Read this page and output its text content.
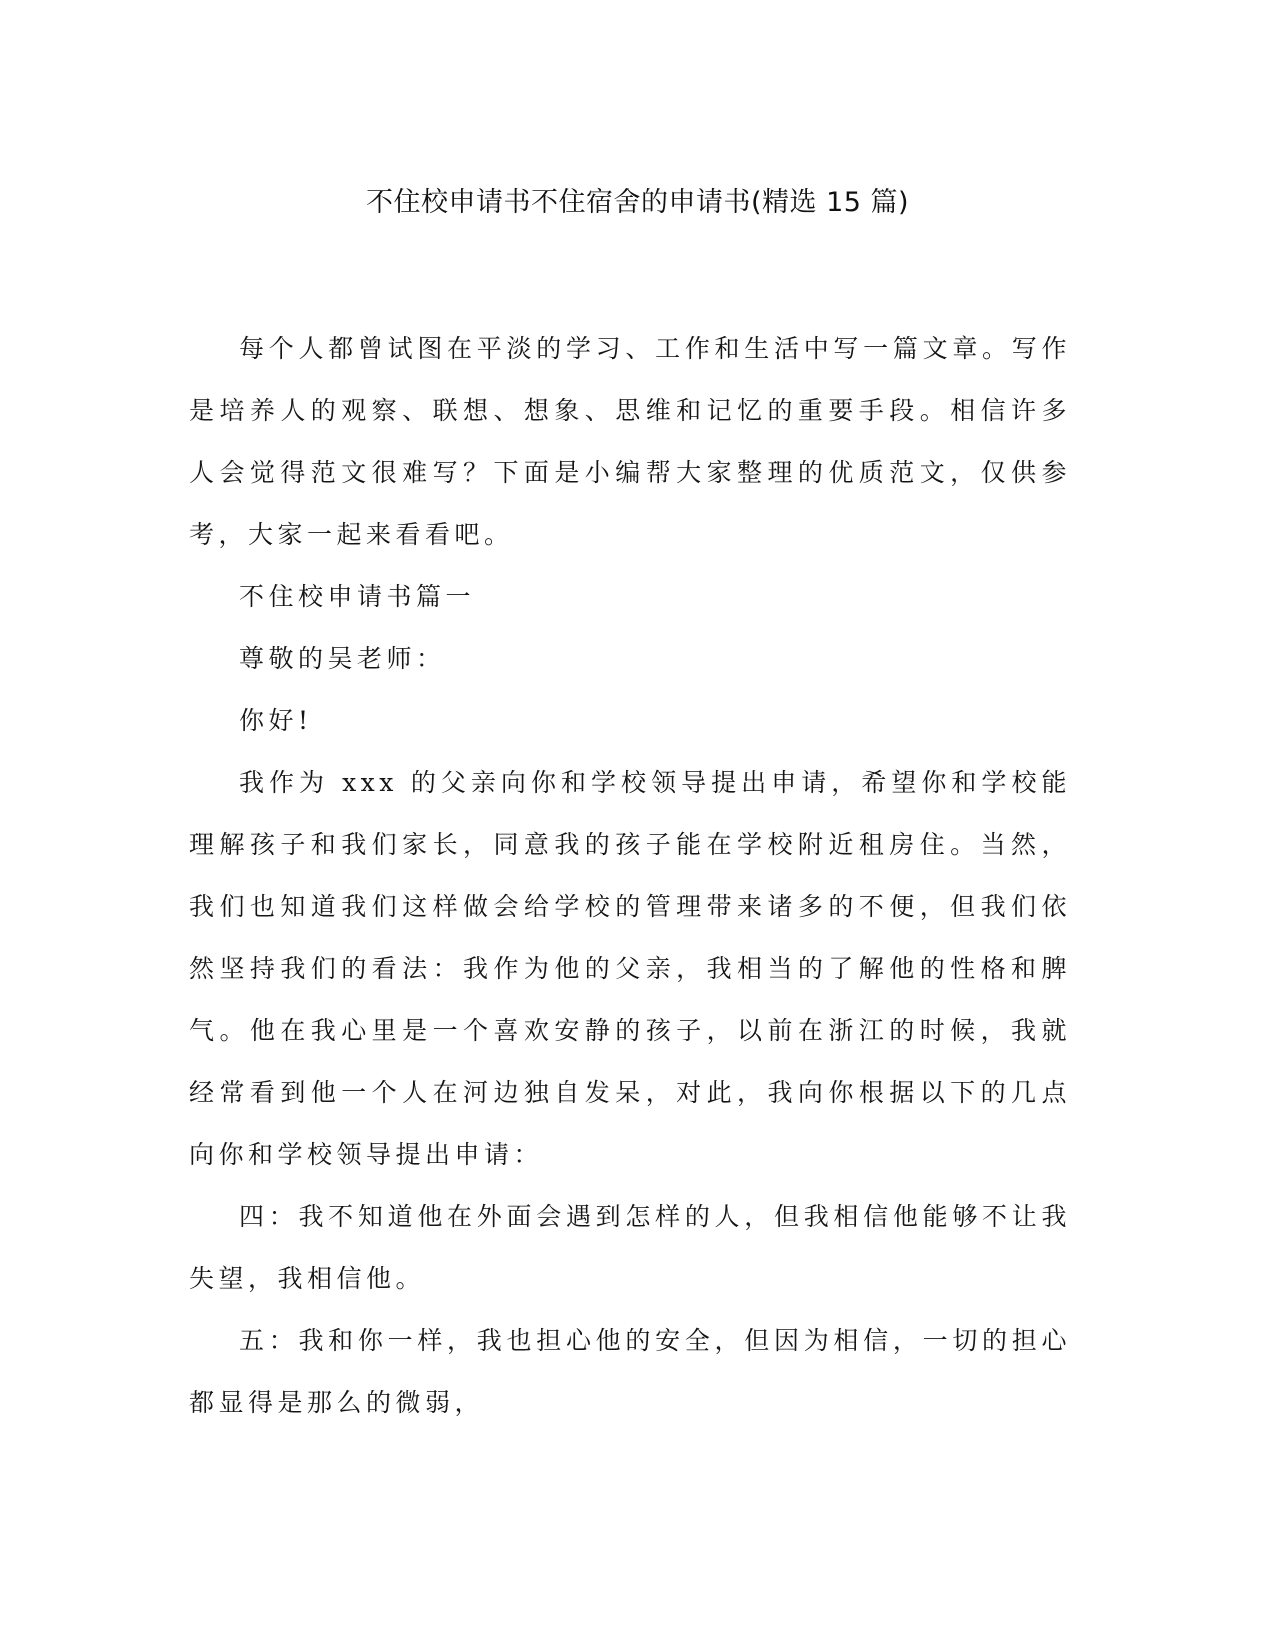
不住校申请书不住宿舍的申请书(精选 15 篇)

每个人都曾试图在平淡的学习、工作和生活中写一篇文章。写作是培养人的观察、联想、想象、思维和记忆的重要手段。相信许多人会觉得范文很难写？下面是小编帮大家整理的优质范文，仅供参考，大家一起来看看吧。

不住校申请书篇一

尊敬的吴老师：

你好!

我作为 xxx 的父亲向你和学校领导提出申请，希望你和学校能理解孩子和我们家长，同意我的孩子能在学校附近租房住。当然，我们也知道我们这样做会给学校的管理带来诸多的不便，但我们依然坚持我们的看法：我作为他的父亲，我相当的了解他的性格和脾气。他在我心里是一个喜欢安静的孩子，以前在浙江的时候，我就经常看到他一个人在河边独自发呆，对此，我向你根据以下的几点向你和学校领导提出申请：

四：我不知道他在外面会遇到怎样的人，但我相信他能够不让我失望，我相信他。

五：我和你一样，我也担心他的安全，但因为相信，一切的担心都显得是那么的微弱，
